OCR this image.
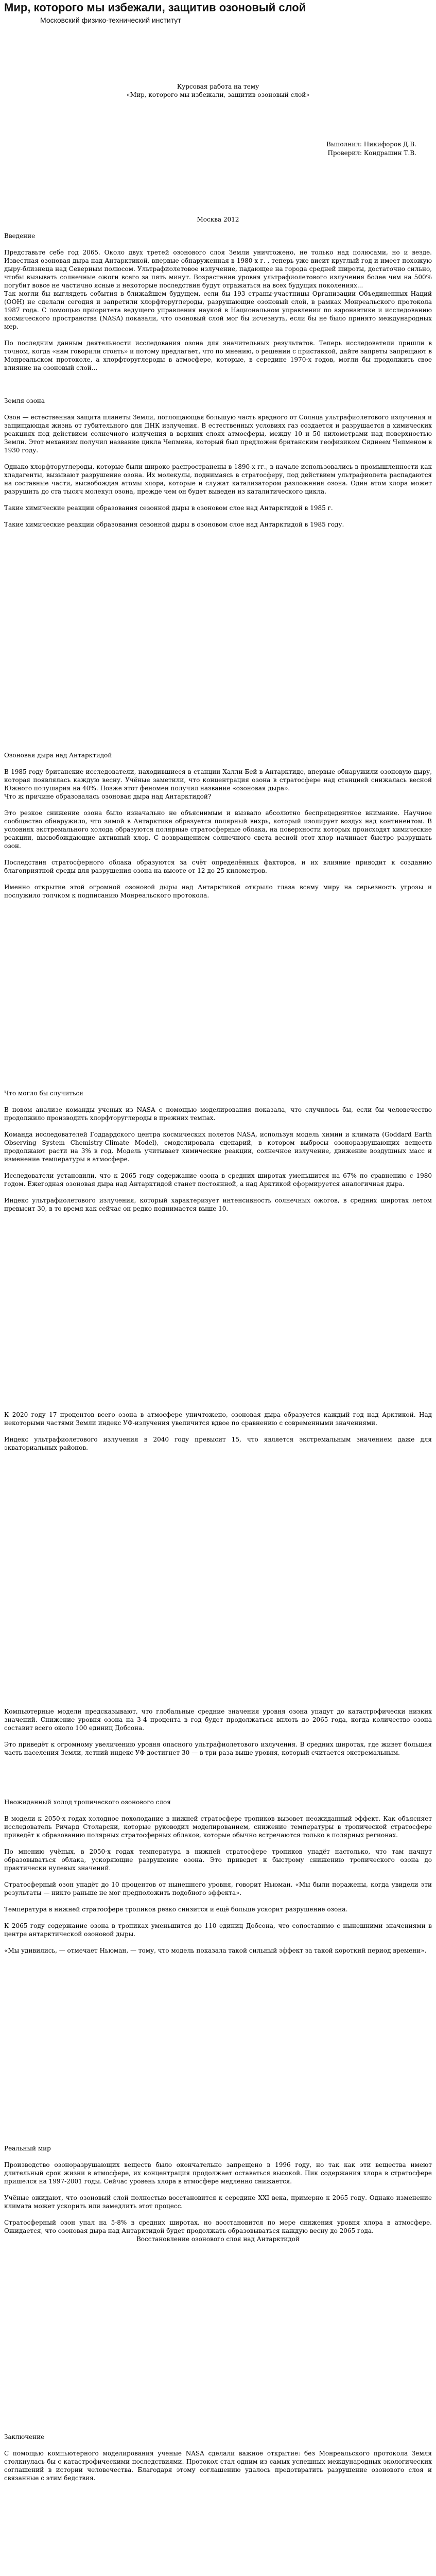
Мир, которого мы избежали, защитив озоновый слой
Московский физико-технический институт
Курсовая работа на тему
«Мир, которого мы избежали, защитив озоновый слой»
Выполнил: Никифоров Д.В.
Проверил: Кондрашин Т.В.
Москва 2012
Введение

Представьте себе год 2065. Около двух третей озонового слоя Земли уничтожено, не только над полюсами, но и везде. Известная озоновая дыра над Антарктикой, впервые обнаруженная в 1980-х г. , теперь уже висит круглый год и имеет похожую дыру-близнеца над Северным полюсом. Ультрафиолетовое излучение, падающее на города средней широты, достаточно сильно, чтобы вызывать солнечные ожоги всего за пять минут. Возрастание уровня ультрафиолетового излучения более чем на 500% погубит вовсе не частично ясные и некоторые последствия будут отражаться на всех будущих поколениях...

Так могли бы выглядеть события в ближайшем будущем, если бы 193 страны-участницы Организации Объединенных Наций (ООН) не сделали сегодня и запретили хлорфторуглероды, разрушающие озоновый слой, в рамках Монреальского протокола 1987 года. С помощью приоритета ведущего управления наукой в Национальном управлении по аэронавтике и исследованию космического пространства (NASA) показали, что озоновый слой мог бы исчезнуть, если бы не было принято международных мер.

По последним данным деятельности исследования озона для значительных результатов. Теперь исследователи пришли в точном, когда «нам говорили стоять» и потому предлагает, что по мнению, о решении с приставкой, дайте запреты запрещают в Монреальском протоколе, а хлорфторуглероды в атмосфере, которые, в середине 1970-х годов, могли бы продолжить свое влияние на озоновый слой...

Земля озона

Озон — естественная защита планеты Земли, поглощающая большую часть вредного от Солнца ультрафиолетового излучения и защищающая жизнь от губительного для ДНК излучения. В естественных условиях газ создается и разрушается в химических реакциях под действием солнечного излучения в верхних слоях атмосферы, между 10 и 50 километрами над поверхностью Земли. Этот механизм получил название цикла Чепмена, который был предложен британским геофизиком Сиднеем Чепменом в 1930 году.

Однако хлорфторуглероды, которые были широко распространены в 1890-х гг., в начале использовались в промышленности как хладагенты, вызывают разрушение озона. Их молекулы, поднимаясь в стратосферу, под действием ультрафиолета распадаются на составные части, высвобождая атомы хлора, которые и служат катализатором разложения озона. Один атом хлора может разрушить до ста тысяч молекул озона, прежде чем он будет выведен из каталитического цикла.

Такие химические реакции образования сезонной дыры в озоновом слое над Антарктидой в 1985 г.

Такие химические реакции образования сезонной дыры в озоновом слое над Антарктидой в 1985 году.

Озоновая дыра над Антарктидой

В 1985 году британские исследователи, находившиеся в станции Халли-Бей в Антарктиде, впервые обнаружили озоновую дыру, которая появлялась каждую весну. Учёные заметили, что концентрация озона в стратосфере над станцией снижалась весной Южного полушария на 40%. Позже этот феномен получил название «озоновая дыра».

Что ж причине образовалась озоновая дыра над Антарктидой?

Это резкое снижение озона было изначально не объяснимым и вызвало абсолютно беспрецедентное внимание. Научное сообщество обнаружило, что зимой в Антарктике образуется полярный вихрь, который изолирует воздух над континентом. В условиях экстремального холода образуются полярные стратосферные облака, на поверхности которых происходят химические реакции, высвобождающие активный хлор. С возвращением солнечного света весной этот хлор начинает быстро разрушать озон.

Последствия стратосферного облака образуются за счёт определённых факторов, и их влияние приводит к созданию благоприятной среды для разрушения озона на высоте от 12 до 25 километров.

Именно открытие этой огромной озоновой дыры над Антарктикой открыло глаза всему миру на серьезность угрозы и послужило толчком к подписанию Монреальского протокола.

Что могло бы случиться

В новом анализе команды ученых из NASA с помощью моделирования показала, что случилось бы, если бы человечество продолжило производить хлорфторуглероды в прежних темпах.

Команда исследователей Годдардского центра космических полетов NASA, используя модель химии и климата (Goddard Earth Observing System Chemistry-Climate Model), смоделировала сценарий, в котором выбросы озоноразрушающих веществ продолжают расти на 3% в год. Модель учитывает химические реакции, солнечное излучение, движение воздушных масс и изменение температуры в атмосфере.

Исследователи установили, что к 2065 году содержание озона в средних широтах уменьшится на 67% по сравнению с 1980 годом. Ежегодная озоновая дыра над Антарктидой станет постоянной, а над Арктикой сформируется аналогичная дыра.

Индекс ультрафиолетового излучения, который характеризует интенсивность солнечных ожогов, в средних широтах летом превысит 30, в то время как сейчас он редко поднимается выше 10.

К 2020 году 17 процентов всего озона в атмосфере уничтожено, озоновая дыра образуется каждый год над Арктикой. Над некоторыми частями Земли индекс УФ-излучения увеличится вдвое по сравнению с современными значениями.

Индекс ультрафиолетового излучения в 2040 году превысит 15, что является экстремальным значением даже для экваториальных районов.

Компьютерные модели предсказывают, что глобальные средние значения уровня озона упадут до катастрофически низких значений. Снижение уровня озона на 3-4 процента в год будет продолжаться вплоть до 2065 года, когда количество озона составит всего около 100 единиц Добсона.

Это приведёт к огромному увеличению уровня опасного ультрафиолетового излучения. В средних широтах, где живет большая часть населения Земли, летний индекс УФ достигнет 30 — в три раза выше уровня, который считается экстремальным.

Неожиданный холод тропического озонового слоя

В модели к 2050-х годах холодное похолодание в нижней стратосфере тропиков вызовет неожиданный эффект. Как объясняет исследователь Ричард Столарски, которые руководил моделированием, снижение температуры в тропической стратосфере приведёт к образованию полярных стратосферных облаков, которые обычно встречаются только в полярных регионах.

По мнению учёных, в 2050-х годах температура в нижней стратосфере тропиков упадёт настолько, что там начнут образовываться облака, ускоряющие разрушение озона. Это приведет к быстрому снижению тропического озона до практически нулевых значений.

Стратосферный озон упадёт до 10 процентов от нынешнего уровня, говорит Ньюман. «Мы были поражены, когда увидели эти результаты — никто раньше не мог предположить подобного эффекта».

Температура в нижней стратосфере тропиков резко снизится и ещё больше ускорит разрушение озона.

К 2065 году содержание озона в тропиках уменьшится до 110 единиц Добсона, что сопоставимо с нынешними значениями в центре антарктической озоновой дыры.

«Мы удивились, — отмечает Ньюман, — тому, что модель показала такой сильный эффект за такой короткий период времени».

Реальный мир

Производство озоноразрушающих веществ было окончательно запрещено в 1996 году, но так как эти вещества имеют длительный срок жизни в атмосфере, их концентрация продолжает оставаться высокой. Пик содержания хлора в стратосфере пришелся на 1997-2001 годы. Сейчас уровень хлора в атмосфере медленно снижается.

Учёные ожидают, что озоновый слой полностью восстановится к середине XXI века, примерно к 2065 году. Однако изменение климата может ускорить или замедлить этот процесс.

Стратосферный озон упал на 5-8% в средних широтах, но восстановится по мере снижения уровня хлора в атмосфере. Ожидается, что озоновая дыра над Антарктидой будет продолжать образовываться каждую весну до 2065 года.

Восстановление озонового слоя над Антарктидой

Заключение

С помощью компьютерного моделирования ученые NASA сделали важное открытие: без Монреальского протокола Земля столкнулась бы с катастрофическими последствиями. Протокол стал одним из самых успешных международных экологических соглашений в истории человечества. Благодаря этому соглашению удалось предотвратить разрушение озонового слоя и связанные с этим бедствия.
